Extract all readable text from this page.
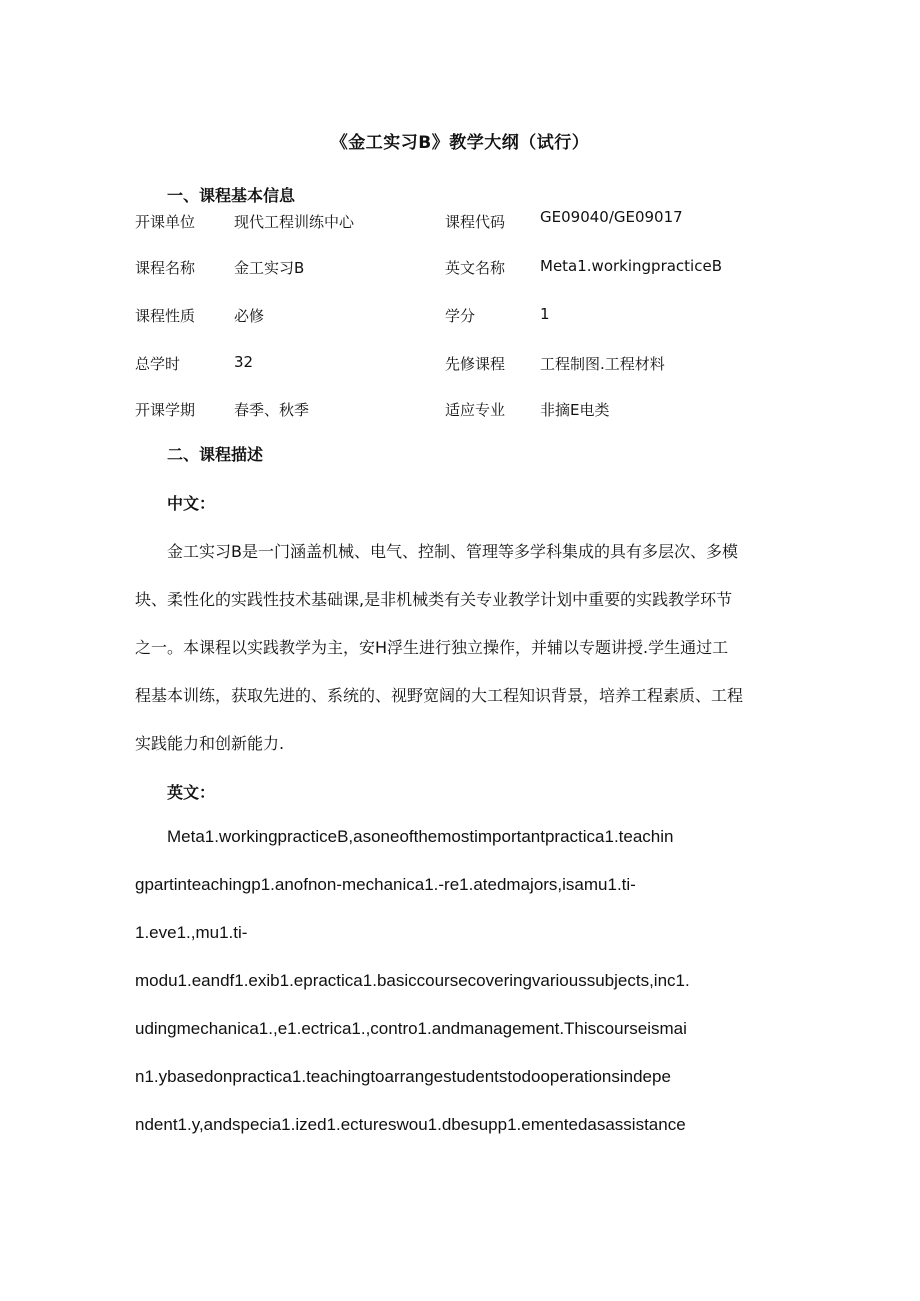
《金工实习B》教学大纲（试行）
一、课程基本信息
开课单位	现代工程训练中心	课程代码 GE09040/GE09017
课程名称	金工实习B	英文名称 Meta1.workingpracticeB
课程性质	必修	学分	1
总学时	32	先修课程 工程制图.工程材料
开课学期	春季、秋季	适应专业 非摘E电类
二、课程描述
中文：
金工实习B是一门涵盖机械、电气、控制、管理等多学科集成的具有多层次、多模
块、柔性化的实践性技术基础课,是非机械类有关专业教学计划中重要的实践教学环节
之一。本课程以实践教学为主，安H浮生进行独立操作，并辅以专题讲授.学生通过工
程基本训练，获取先进的、系统的、视野宽阔的大工程知识背景，培养工程素质、工程
实践能力和创新能力.
英文：
Meta1.workingpracticeB,asoneofthemostimportantpractica1.teachin
gpartinteachingp1.anofnon-mechanica1.-re1.atedmajors,isamu1.ti-
1.eve1.,mu1.ti-
modu1.eandf1.exib1.epractica1.basiccoursecoveringvarioussubjects,inc1.
udingmechanica1.,e1.ectrica1.,contro1.andmanagement.Thiscourseismai
n1.ybasedonpractica1.teachingtoarrangestudentstodooperationsindepe
ndent1.y,andspecia1.ized1.ectureswou1.dbesupp1.ementedasassistance
